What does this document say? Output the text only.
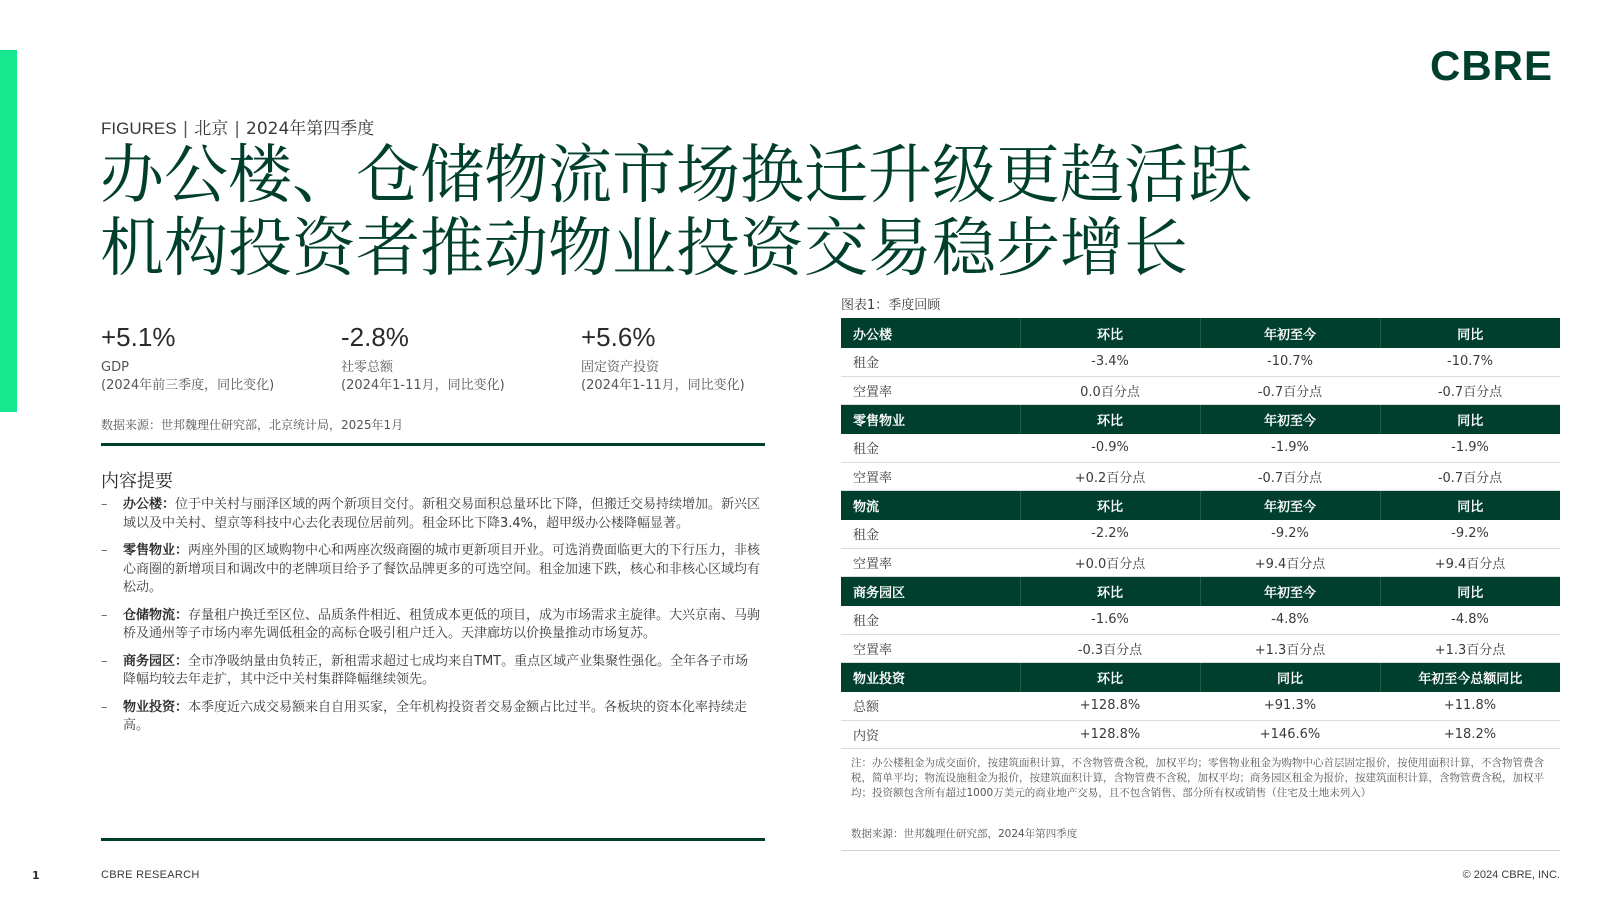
CBRE
FIGURES | 北京 | 2024年第四季度
办公楼、仓储物流市场换迁升级更趋活跃
机构投资者推动物业投资交易稳步增长
+5.1%
GDP
(2024年前三季度，同比变化)
-2.8%
社零总额
(2024年1-11月，同比变化)
+5.6%
固定资产投资
(2024年1-11月，同比变化)
数据来源：世邦魏理仕研究部，北京统计局，2025年1月
内容提要
– 办公楼：位于中关村与丽泽区域的两个新项目交付。新租交易面积总量环比下降，但搬迁交易持续增加。新兴区域以及中关村、望京等科技中心去化表现位居前列。租金环比下降3.4%，超甲级办公楼降幅显著。
– 零售物业：两座外围的区域购物中心和两座次级商圈的城市更新项目开业。可选消费面临更大的下行压力，非核心商圈的新增项目和调改中的老牌项目给予了餐饮品牌更多的可选空间。租金加速下跌，核心和非核心区域均有松动。
– 仓储物流：存量租户换迁至区位、品质条件相近、租赁成本更低的项目，成为市场需求主旋律。大兴京南、马驹桥及通州等子市场内率先调低租金的高标仓吸引租户迁入。天津廊坊以价换量推动市场复苏。
– 商务园区：全市净吸纳量由负转正，新租需求超过七成均来自TMT。重点区域产业集聚性强化。全年各子市场降幅均较去年走扩，其中泛中关村集群降幅继续领先。
– 物业投资：本季度近六成交易额来自自用买家，全年机构投资者交易金额占比过半。各板块的资本化率持续走高。
图表1：季度回顾
办公楼	环比	年初至今	同比
租金	-3.4%	-10.7%	-10.7%
空置率	0.0百分点	-0.7百分点	-0.7百分点
零售物业	环比	年初至今	同比
租金	-0.9%	-1.9%	-1.9%
空置率	+0.2百分点	-0.7百分点	-0.7百分点
物流	环比	年初至今	同比
租金	-2.2%	-9.2%	-9.2%
空置率	+0.0百分点	+9.4百分点	+9.4百分点
商务园区	环比	年初至今	同比
租金	-1.6%	-4.8%	-4.8%
空置率	-0.3百分点	+1.3百分点	+1.3百分点
物业投资	环比	同比	年初至今总额同比
总额	+128.8%	+91.3%	+11.8%
内资	+128.8%	+146.6%	+18.2%
注：办公楼租金为成交面价，按建筑面积计算，不含物管费含税，加权平均；零售物业租金为购物中心首层固定报价，按使用面积计算，不含物管费含税，简单平均；物流设施租金为报价，按建筑面积计算，含物管费不含税，加权平均；商务园区租金为报价，按建筑面积计算，含物管费含税，加权平均；投资额包含所有超过1000万美元的商业地产交易，且不包含销售、部分所有权或销售（住宅及土地未列入）
数据来源：世邦魏理仕研究部，2024年第四季度
1	CBRE RESEARCH	© 2024 CBRE, INC.
